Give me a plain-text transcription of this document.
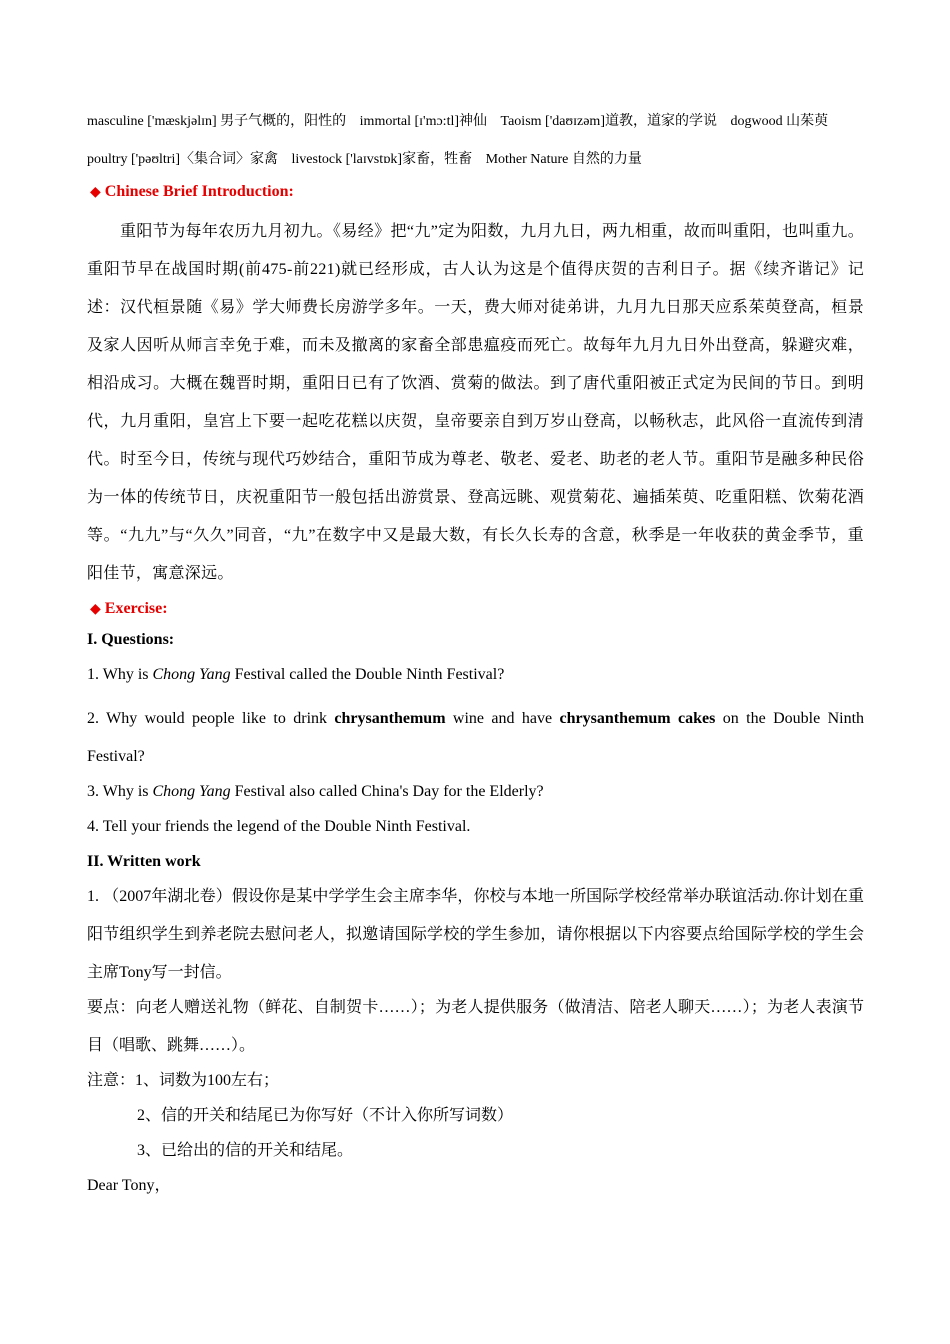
masculine ['mæskjəlɪn] 男子气概的，阳性的 immortal [ɪ'mɔ:tl]神仙 Taoism ['daʊɪzəm]道教，道家的学说 dogwood 山茱萸

poultry ['pəʊltri]〈集合词〉家禽 livestock ['laɪvstɒk]家畜，牲畜 Mother Nature 自然的力量

◆ Chinese Brief Introduction:

重阳节为每年农历九月初九。《易经》把“九”定为阳数，九月九日，两九相重，故而叫重阳，也叫重九。重阳节早在战国时期(前475-前221)就已经形成，古人认为这是个值得庆贺的吉利日子。据《续齐谐记》记述：汉代桓景随《易》学大师费长房游学多年。一天，费大师对徒弟讲，九月九日那天应系茱萸登高，桓景及家人因听从师言幸免于难，而未及撤离的家畜全部患瘟疫而死亡。故每年九月九日外出登高，躲避灾难，相沿成习。大概在魏晋时期，重阳日已有了饮酒、赏菊的做法。到了唐代重阳被正式定为民间的节日。到明代，九月重阳，皇宫上下要一起吃花糕以庆贺，皇帝要亲自到万岁山登高，以畅秋志，此风俗一直流传到清代。时至今日，传统与现代巧妙结合，重阳节成为尊老、敬老、爱老、助老的老人节。重阳节是融多种民俗为一体的传统节日，庆祝重阳节一般包括出游赏景、登高远眺、观赏菊花、遍插茱萸、吃重阳糕、饮菊花酒等。“九九”与“久久”同音，“九”在数字中又是最大数，有长久长寿的含意，秋季是一年收获的黄金季节，重阳佳节，寓意深远。

◆ Exercise:

I. Questions:

1. Why is Chong Yang Festival called the Double Ninth Festival?

2. Why would people like to drink chrysanthemum wine and have chrysanthemum cakes on the Double Ninth Festival?

3. Why is Chong Yang Festival also called China's Day for the Elderly?

4. Tell your friends the legend of the Double Ninth Festival.

II. Written work

1. （2007年湖北卷）假设你是某中学学生会主席李华，你校与本地一所国际学校经常举办联谊活动.你计划在重阳节组织学生到养老院去慰问老人，拟邀请国际学校的学生参加，请你根据以下内容要点给国际学校的学生会主席Tony写一封信。

要点：向老人赠送礼物（鲜花、自制贺卡……）；为老人提供服务（做清洁、陪老人聊天……）；为老人表演节目（唱歌、跳舞……）。

注意：1、词数为100左右；

2、信的开关和结尾已为你写好（不计入你所写词数）

3、已给出的信的开关和结尾。

Dear Tony，
